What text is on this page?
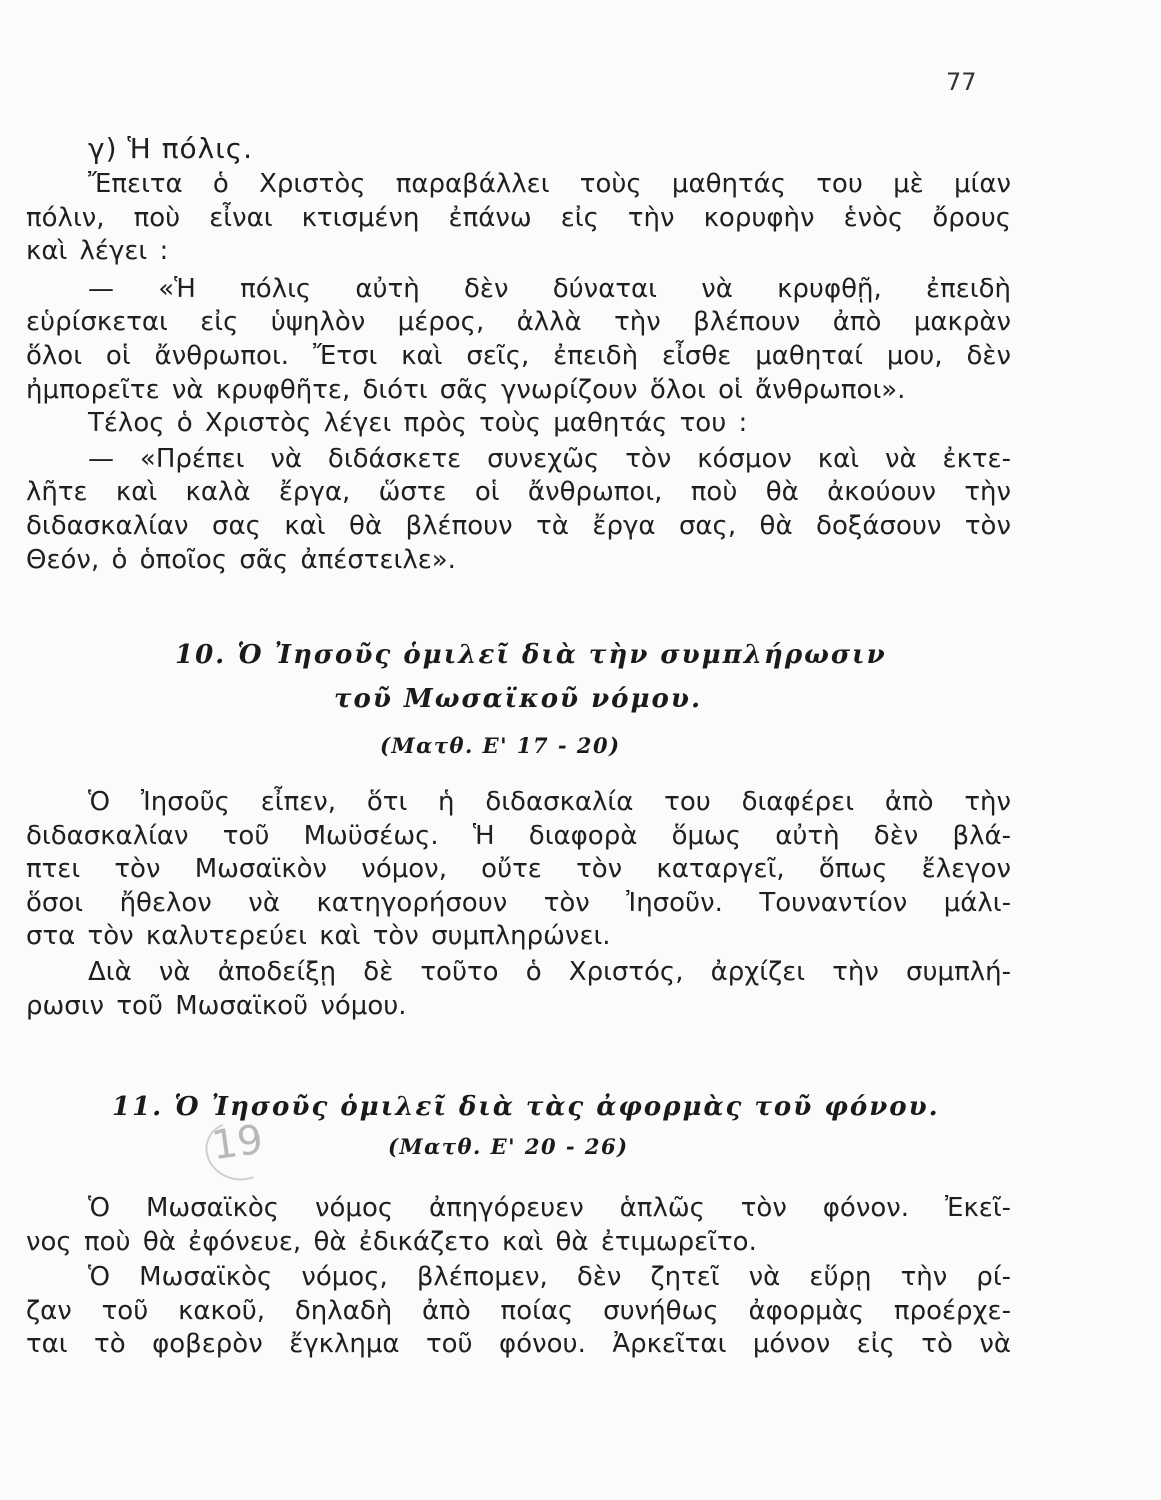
77
γ) Ἡ πόλις.

Ἔπειτα ὁ Χριστὸς παραβάλλει τοὺς μαθητάς του μὲ μίαν
πόλιν, ποὺ εἶναι κτισμένη ἐπάνω εἰς τὴν κορυφὴν ἑνὸς ὄρους
καὶ λέγει :

— «Ἡ πόλις αὐτὴ δὲν δύναται νὰ κρυφθῇ, ἐπειδὴ
εὑρίσκεται εἰς ὑψηλὸν μέρος, ἀλλὰ τὴν βλέπουν ἀπὸ μακρὰν
ὅλοι οἱ ἄνθρωποι. Ἔτσι καὶ σεῖς, ἐπειδὴ εἶσθε μαθηταί μου, δὲν
ἠμπορεῖτε νὰ κρυφθῆτε, διότι σᾶς γνωρίζουν ὅλοι οἱ ἄνθρωποι».

Τέλος ὁ Χριστὸς λέγει πρὸς τοὺς μαθητάς του :

— «Πρέπει νὰ διδάσκετε συνεχῶς τὸν κόσμον καὶ νὰ ἐκτε-
λῆτε καὶ καλὰ ἔργα, ὥστε οἱ ἄνθρωποι, ποὺ θὰ ἀκούουν τὴν
διδασκαλίαν σας καὶ θὰ βλέπουν τὰ ἔργα σας, θὰ δοξάσουν τὸν
Θεόν, ὁ ὁποῖος σᾶς ἀπέστειλε».

10. Ὁ Ἰησοῦς ὁμιλεῖ διὰ τὴν συμπλήρωσιν
τοῦ Μωσαϊκοῦ νόμου.
(Ματθ. Ε' 17 - 20)

Ὁ Ἰησοῦς εἶπεν, ὅτι ἡ διδασκαλία του διαφέρει ἀπὸ τὴν
διδασκαλίαν τοῦ Μωϋσέως. Ἡ διαφορὰ ὅμως αὐτὴ δὲν βλά-
πτει τὸν Μωσαϊκὸν νόμον, οὔτε τὸν καταργεῖ, ὅπως ἔλεγον
ὅσοι ἤθελον νὰ κατηγορήσουν τὸν Ἰησοῦν. Τουναντίον μάλι-
στα τὸν καλυτερεύει καὶ τὸν συμπληρώνει.

Διὰ νὰ ἀποδείξῃ δὲ τοῦτο ὁ Χριστός, ἀρχίζει τὴν συμπλή-
ρωσιν τοῦ Μωσαϊκοῦ νόμου.

11. Ὁ Ἰησοῦς ὁμιλεῖ διὰ τὰς ἀφορμὰς τοῦ φόνου.
(Ματθ. Ε' 20 - 26)
19

Ὁ Μωσαϊκὸς νόμος ἀπηγόρευεν ἁπλῶς τὸν φόνον. Ἐκεῖ-
νος ποὺ θὰ ἐφόνευε, θὰ ἐδικάζετο καὶ θὰ ἐτιμωρεῖτο.

Ὁ Μωσαϊκὸς νόμος, βλέπομεν, δὲν ζητεῖ νὰ εὕρῃ τὴν ρί-
ζαν τοῦ κακοῦ, δηλαδὴ ἀπὸ ποίας συνήθως ἀφορμὰς προέρχε-
ται τὸ φοβερὸν ἔγκλημα τοῦ φόνου. Ἀρκεῖται μόνον εἰς τὸ νὰ
